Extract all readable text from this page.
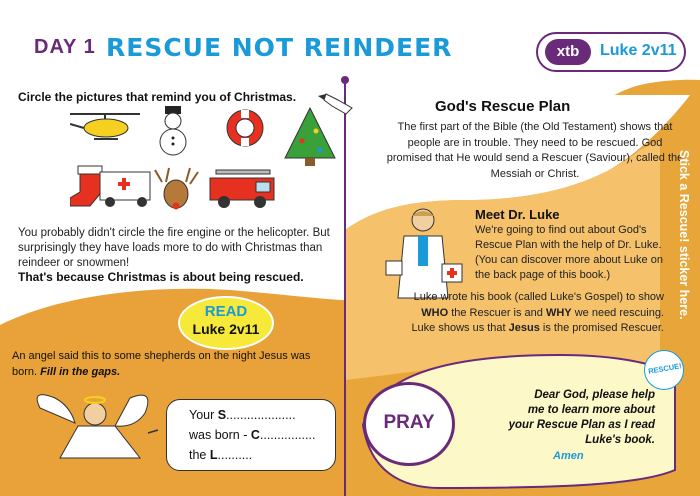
DAY 1 RESCUE NOT REINDEER	xtb	Luke 2v11
Circle the pictures that remind you of Christmas.
You probably didn't circle the fire engine or the helicopter. But surprisingly they have loads more to do with Christmas than reindeer or snowmen!
That's because Christmas is about being rescued.
God's Rescue Plan
The first part of the Bible (the Old Testament) shows that people are in trouble. They need to be rescued. God promised that He would send a Rescuer (Saviour), called the Messiah or Christ.
Meet Dr. Luke
We're going to find out about God's Rescue Plan with the help of Dr. Luke. (You can discover more about Luke on the back page of this book.)
Luke wrote his book (called Luke's Gospel) to show WHO the Rescuer is and WHY we need rescuing. Luke shows us that Jesus is the promised Rescuer.
READ
Luke 2v11
An angel said this to some shepherds on the night Jesus was born. Fill in the gaps.
Your S....................
was born - C................
the L..........
PRAY
Dear God, please help
me to learn more about
your Rescue Plan as I read
Luke's book.
Amen
Stick a Rescue! sticker here.
RESCUE!
